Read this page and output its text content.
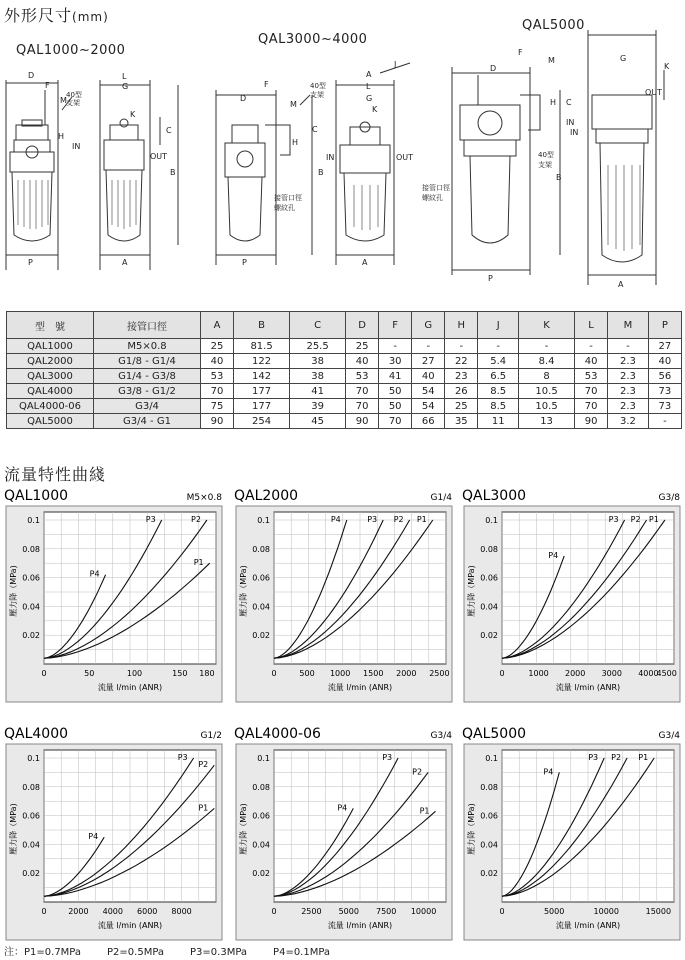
外形尺寸(mm)
QAL1000~2000
QAL3000~4000
QAL5000
D
F
L
G
M
40型
支架
IN
OUT
C
B
P	A
H
K
D
F
M
40型
支架
IN	OUT
C
B
P	A
H
接管口徑
螺紋孔
A
L
G
K
J	D
F
M
H
IN
C
B
P
A
K
G
40型
支架
接管口徑
螺紋孔
OUT
IN
型　號	接管口徑	A	B	C	D	F	G	H	J	K	L	M	P
QAL1000	M5×0.8	25	81.5	25.5	25	-	-	-	-	-	-	-	27
QAL2000	G1/8 - G1/4	40	122	38	40	30	27	22	5.4	8.4	40	2.3	40
QAL3000	G1/4 - G3/8	53	142	38	53	41	40	23	6.5	8	53	2.3	56
QAL4000	G3/8 - G1/2	70	177	41	70	50	54	26	8.5	10.5	70	2.3	73
QAL4000-06	G3/4	75	177	39	70	50	54	25	8.5	10.5	70	2.3	73
QAL5000	G3/4 - G1	90	254	45	90	70	66	35	11	13	90	3.2	-
流量特性曲綫
QAL1000	M5×0.8
0.02
0.04
0.06
0.08
0.1
0	50	100	150 180
流量 l/min (ANR)
壓力降（MPa)
P1
P2
P3
P4
QAL2000	G1/4
0.02
0.04
0.06
0.08
0.1
0	500 1000 1500 2000 2500
流量 l/min (ANR)
壓力降（MPa)
P1
P2
P3
P4
QAL3000	G3/8
0.02
0.04
0.06
0.08
0.1
0	1000 2000 3000 4000
4500
流量 l/min (ANR)
壓力降（MPa)
P1
P2
P3
P4
QAL4000	G1/2
0.02
0.04
0.06
0.08
0.1
0	2000 4000 6000 8000
流量 l/min (ANR)
壓力降（MPa)	P1
P2
P3
P4
QAL4000-06	G3/4
0.02
0.04
0.06
0.08
0.1
0	2500 5000 7500 10000
流量 l/min (ANR)
壓力降（MPa)	P1
P2
P3
P4
QAL5000	G3/4
0.02
0.04
0.06
0.08
0.1
0	5000	10000	15000
流量 l/min (ANR)
壓力降（MPa)
P1
P2
P3
P4
注：P1=0.7MPa	P2=0.5MPa	P3=0.3MPa	P4=0.1MPa
